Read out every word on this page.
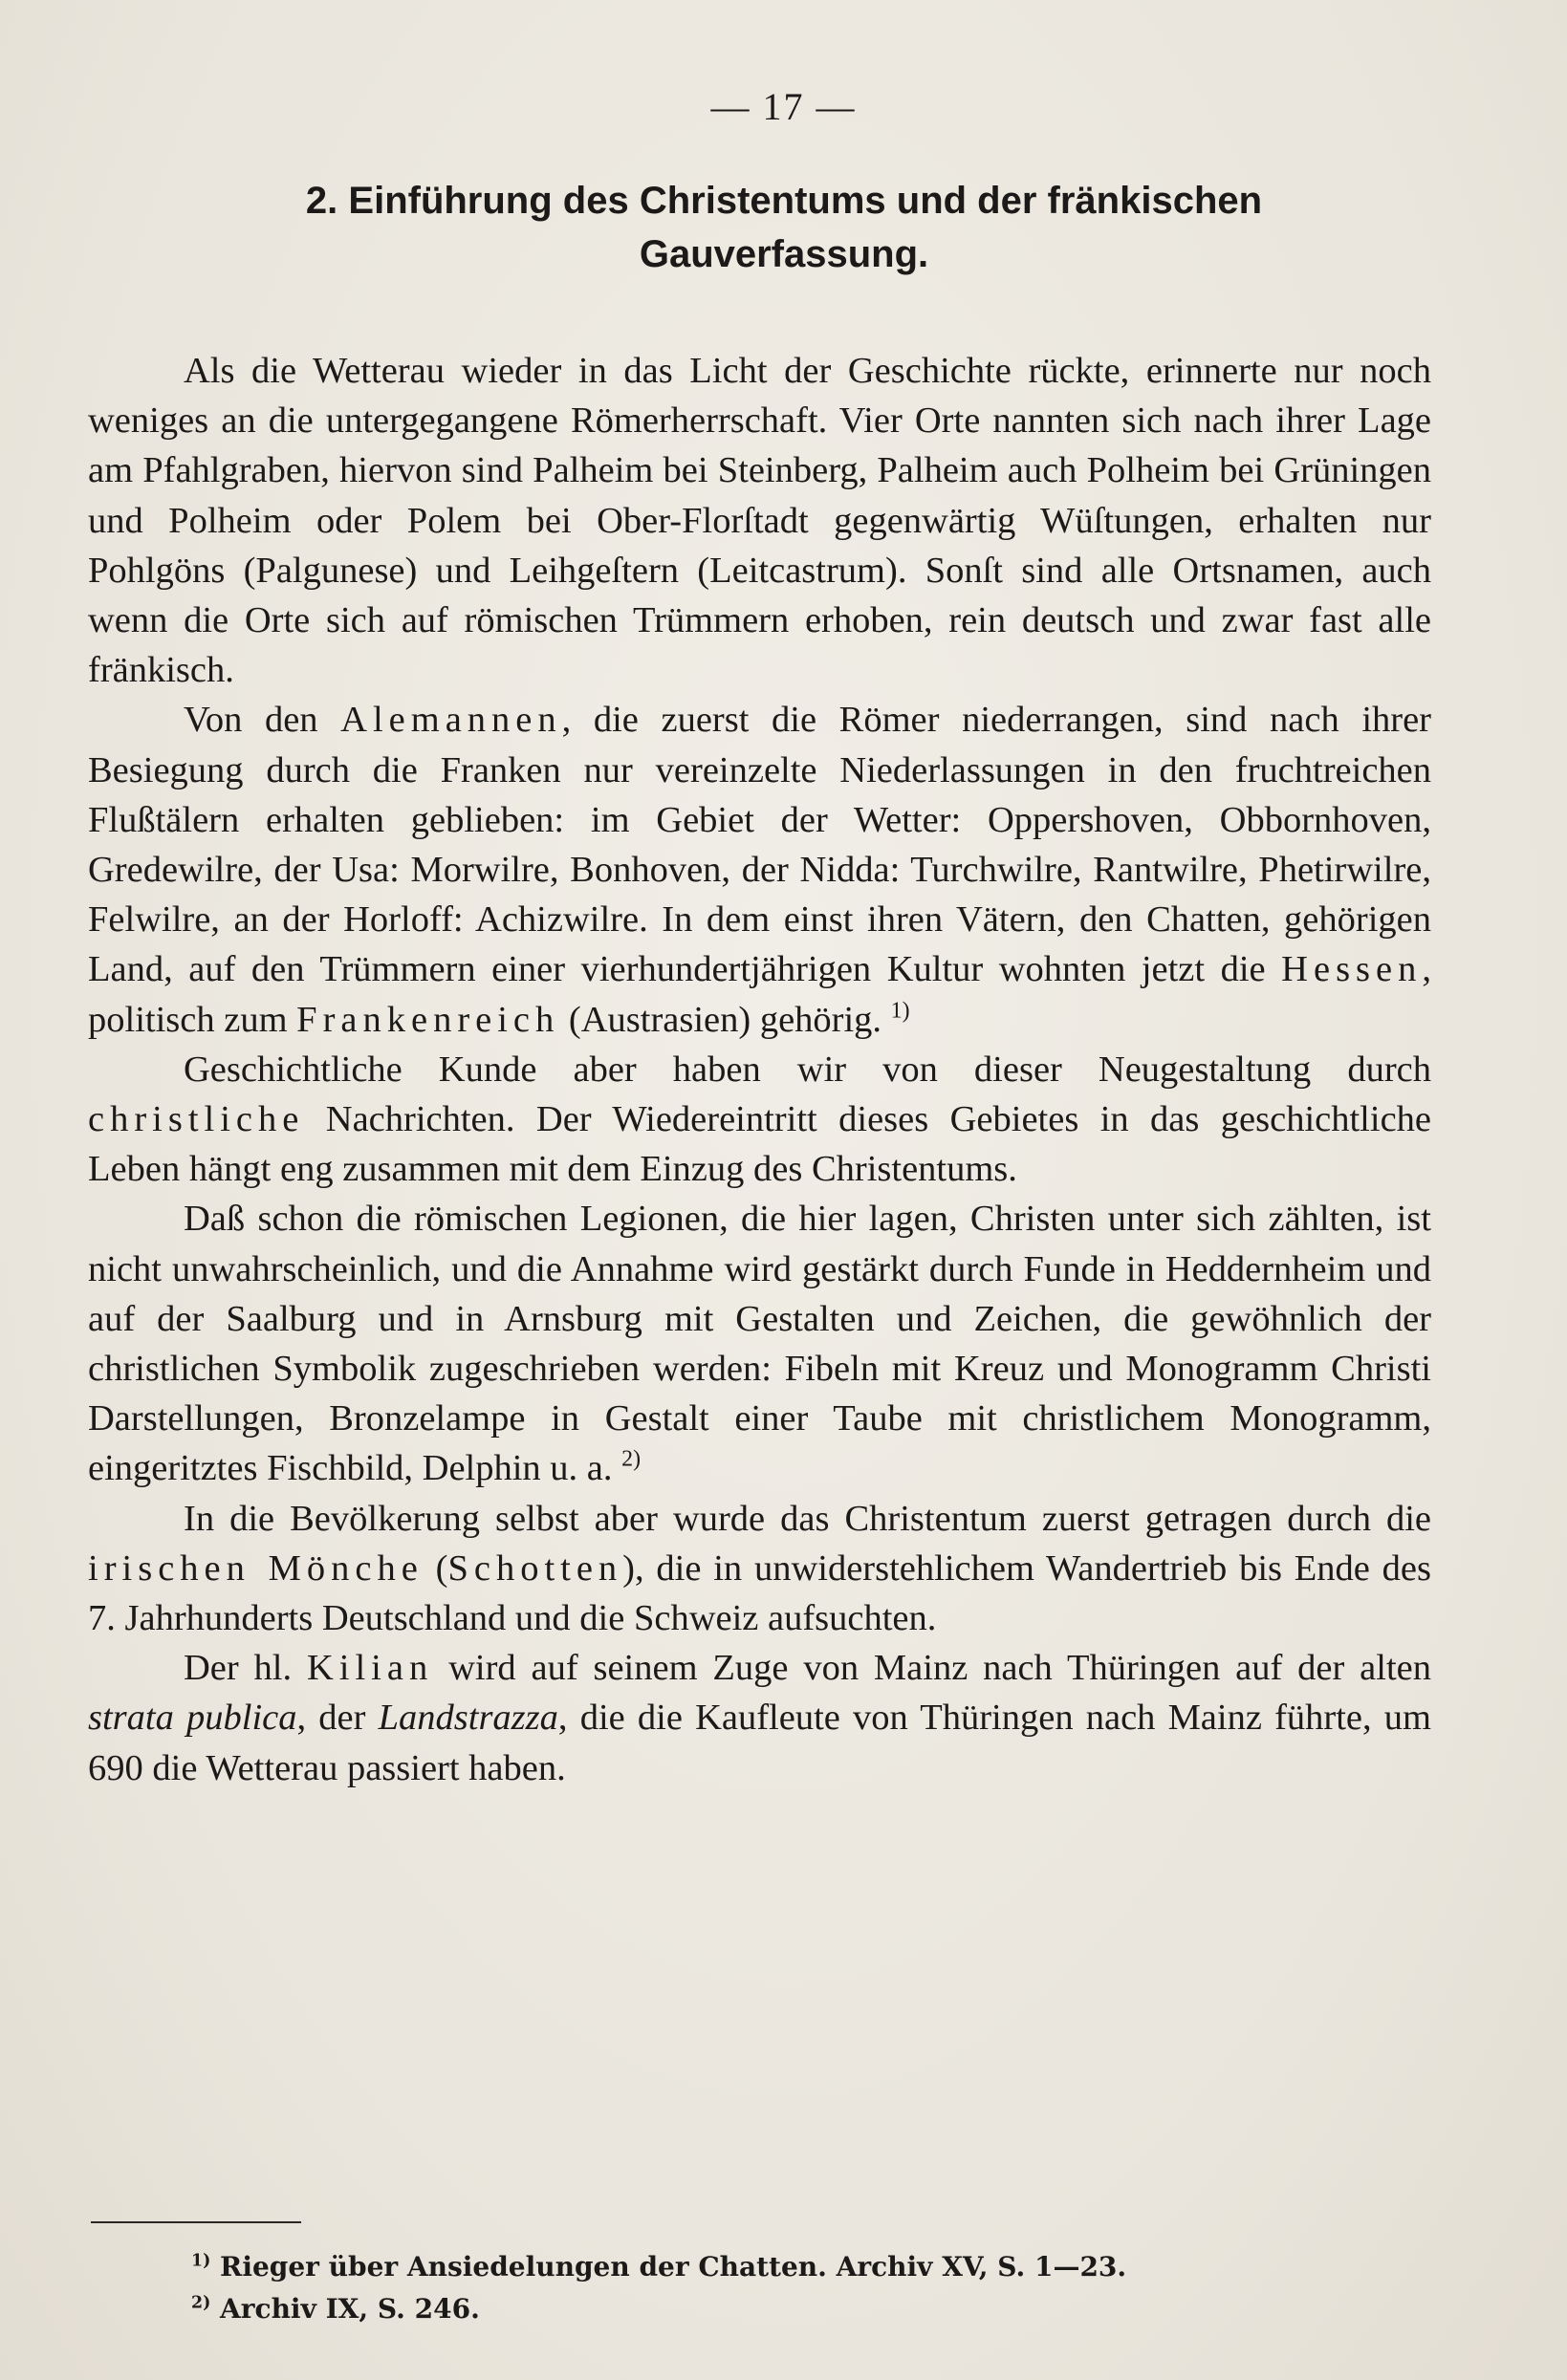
— 17 —
2. Einführung des Christentums und der fränkischen
Gauverfassung.

Als die Wetterau wieder in das Licht der Geschichte rückte, erinnerte nur noch weniges an die untergegangene Römerherrschaft. Vier Orte nannten sich nach ihrer Lage am Pfahlgraben, hiervon sind Palheim bei Steinberg, Palheim auch Polheim bei Grüningen und Polheim oder Polem bei Ober-Florſtadt gegenwärtig Wüſtungen, erhalten nur Pohlgöns (Palgunese) und Leihgeſtern (Leitcastrum). Sonſt sind alle Ortsnamen, auch wenn die Orte sich auf römischen Trümmern erhoben, rein deutsch und zwar fast alle fränkisch.

Von den Alemannen, die zuerst die Römer niederrangen, sind nach ihrer Besiegung durch die Franken nur vereinzelte Niederlassungen in den fruchtreichen Flußtälern erhalten geblieben: im Gebiet der Wetter: Oppershoven, Obbornhoven, Gredewilre, der Usa: Morwilre, Bonhoven, der Nidda: Turchwilre, Rantwilre, Phetirwilre, Felwilre, an der Horloff: Achizwilre. In dem einst ihren Vätern, den Chatten, gehörigen Land, auf den Trümmern einer vierhundertjährigen Kultur wohnten jetzt die Hessen, politisch zum Frankenreich (Austrasien) gehörig. $^{1)}$

Geschichtliche Kunde aber haben wir von dieser Neugestaltung durch christliche Nachrichten. Der Wiedereintritt dieses Gebietes in das geschichtliche Leben hängt eng zusammen mit dem Einzug des Christentums.

Daß schon die römischen Legionen, die hier lagen, Christen unter sich zählten, ist nicht unwahrscheinlich, und die Annahme wird gestärkt durch Funde in Heddernheim und auf der Saalburg und in Arnsburg mit Gestalten und Zeichen, die gewöhnlich der christlichen Symbolik zugeschrieben werden: Fibeln mit Kreuz und Monogramm Christi Darstellungen, Bronzelampe in Gestalt einer Taube mit christlichem Monogramm, eingeritztes Fischbild, Delphin u. a. $^{2)}$

In die Bevölkerung selbst aber wurde das Christentum zuerst getragen durch die irischen Mönche (Schotten), die in unwiderstehlichem Wandertrieb bis Ende des 7. Jahrhunderts Deutschland und die Schweiz aufsuchten.

Der hl. Kilian wird auf seinem Zuge von Mainz nach Thüringen auf der alten strata publica, der Landstrazza, die die Kaufleute von Thüringen nach Mainz führte, um 690 die Wetterau passiert haben.

$^{1)}$ Rieger über Ansiedelungen der Chatten. Archiv XV, S. 1—23.
$^{2)}$ Archiv IX, S. 246.
